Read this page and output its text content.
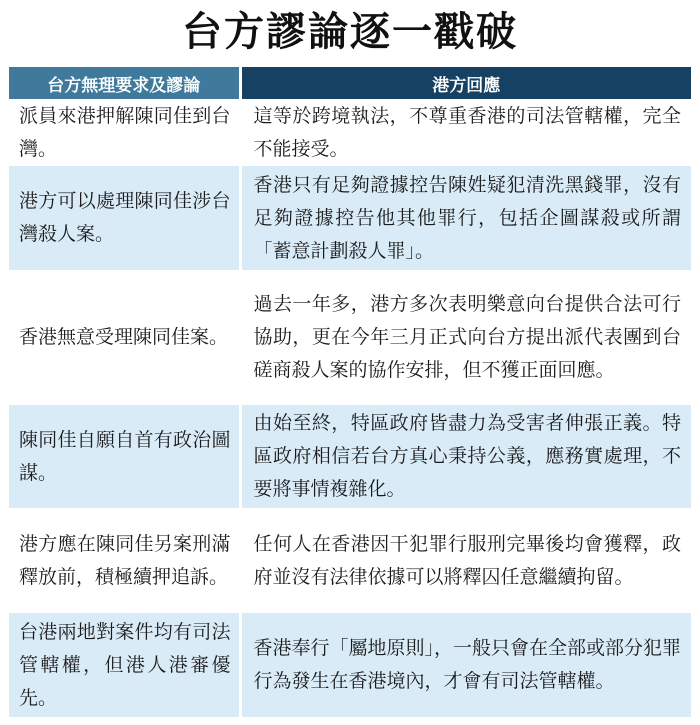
台方謬論逐一戳破
台方無理要求及謬論	港方回應
派員來港押解陳同佳到台灣。	這等於跨境執法，不尊重香港的司法管轄權，完全不能接受。
港方可以處理陳同佳涉台灣殺人案。	香港只有足夠證據控告陳姓疑犯清洗黑錢罪，沒有足夠證據控告他其他罪行，包括企圖謀殺或所謂「蓄意計劃殺人罪」。
香港無意受理陳同佳案。	過去一年多，港方多次表明樂意向台提供合法可行協助，更在今年三月正式向台方提出派代表團到台磋商殺人案的協作安排，但不獲正面回應。
陳同佳自願自首有政治圖謀。	由始至終，特區政府皆盡力為受害者伸張正義。特區政府相信若台方真心秉持公義，應務實處理，不要將事情複雜化。
港方應在陳同佳另案刑滿釋放前，積極續押追訴。	任何人在香港因干犯罪行服刑完畢後均會獲釋，政府並沒有法律依據可以將釋囚任意繼續拘留。
台港兩地對案件均有司法管轄權，但港人港審優先。	香港奉行「屬地原則」，一般只會在全部或部分犯罪行為發生在香港境內，才會有司法管轄權。
